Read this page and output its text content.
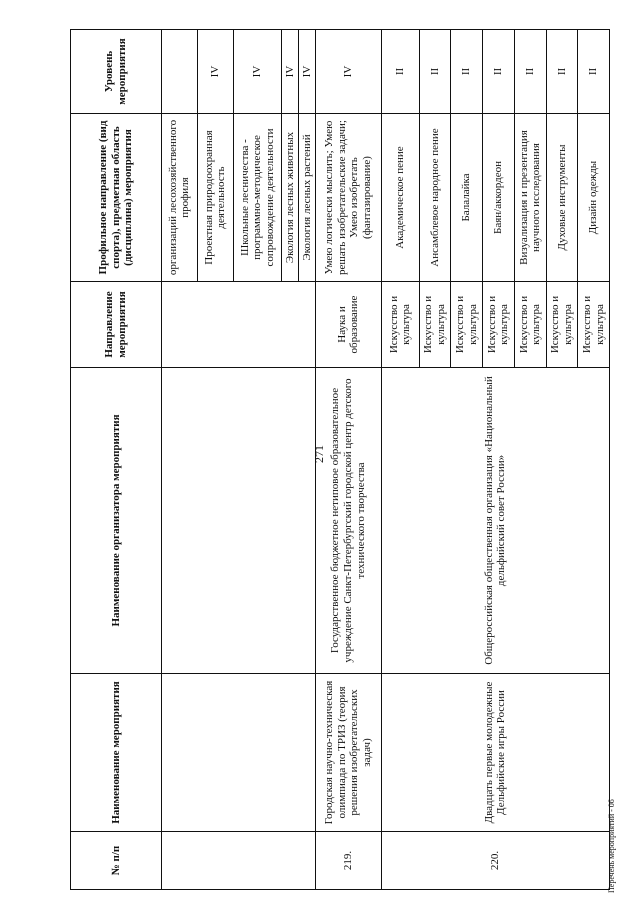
271
№ п/п	Наименование мероприятия	Наименование организатора мероприятия	Направление мероприятия	Профильное направление (вид спорта), предметная область (дисциплина) мероприятия	Уровень мероприятия
				организаций лесохозяйственного профиля	
				Проектная природоохранная деятельность	IV
				Школьные лесничества - программно-методическое сопровождение деятельности	IV
				Экология лесных животных	IV
				Экология лесных растений	IV
219.	Городская научно-техническая олимпиада по ТРИЗ (теория решения изобретательских задач)	Государственное бюджетное нетиповое образовательное учреждение Санкт-Петербургский городской центр детского технического творчества	Наука и образование	Умею логически мыслить; Умею решать изобретательские задачи; Умею изобретать (фантазирование)	IV
220.	Двадцать первые молодежные Дельфийские игры России	Общероссийская общественная организация «Национальный дельфийский совет России»	Искусство и культура	Академическое пение	II
			Искусство и культура	Ансамблевое народное пение	II
			Искусство и культура	Балалайка	II
			Искусство и культура	Баян/аккордеон	II
			Искусство и культура	Визуализация и презентация научного исследования	II
			Искусство и культура	Духовые инструменты	II
			Искусство и культура	Дизайн одежды	II
Перечень мероприятий - 06
